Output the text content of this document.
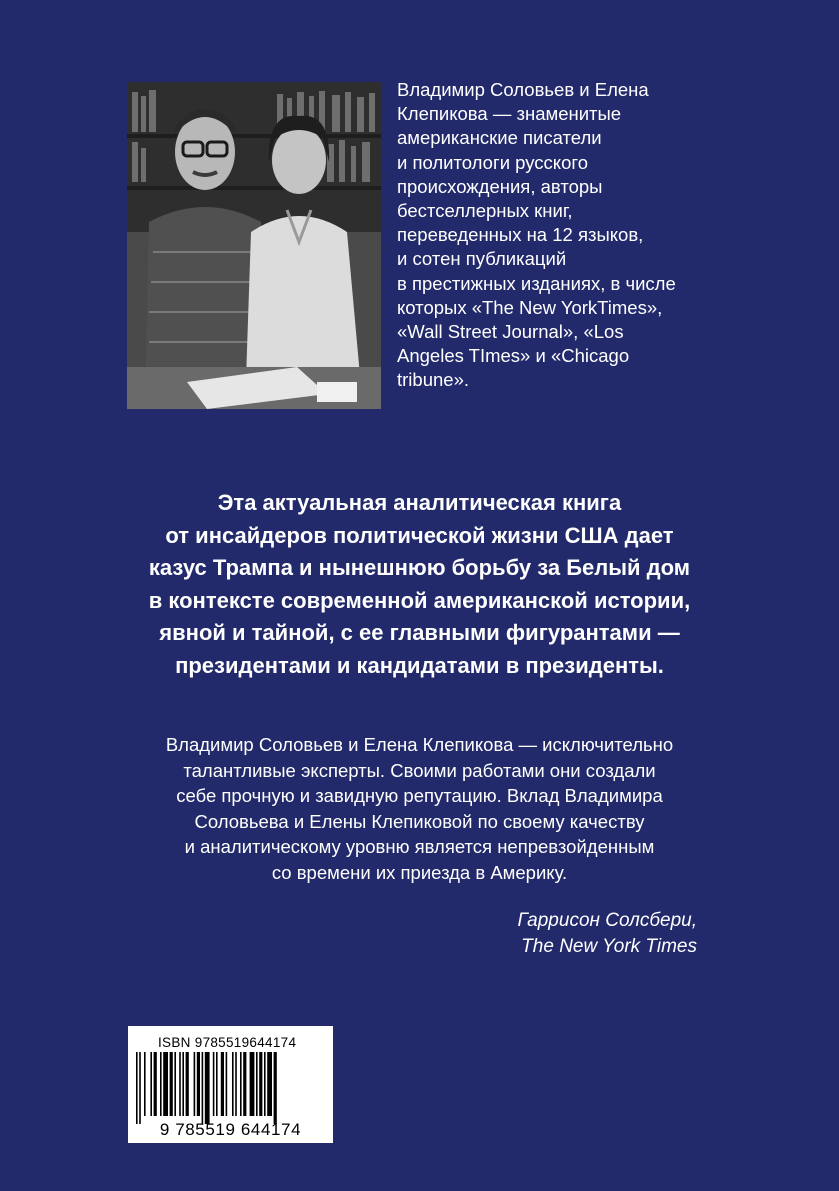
Владимир Соловьев и Елена
Клепикова — знаменитые
американские писатели
и политологи русского
происхождения, авторы
бестселлерных книг,
переведенных на 12 языков,
и сотен публикаций
в престижных изданиях, в числе
которых «The New YorkTimes»,
«Wall Street Journal», «Los
Angeles TImes» и «Chicago
tribune».
Эта актуальная аналитическая книга
от инсайдеров политической жизни США дает
казус Трампа и нынешнюю борьбу за Белый дом
в контексте современной американской истории,
явной и тайной, с ее главными фигурантами —
президентами и кандидатами в президенты.
Владимир Соловьев и Елена Клепикова — исключительно
талантливые эксперты. Своими работами они создали
себе прочную и завидную репутацию. Вклад Владимира
Соловьева и Елены Клепиковой по своему качеству
и аналитическому уровню является непревзойденным
со времени их приезда в Америку.
Гаррисон Солсбери,
The New York Times
ISBN 9785519644174
9 785519 644174
